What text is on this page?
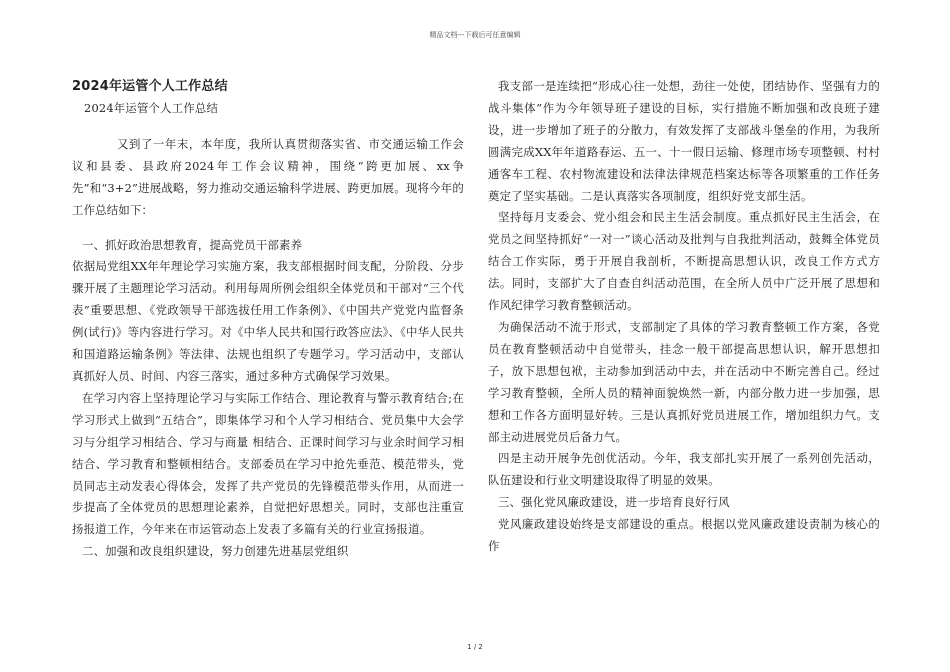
精品文档---下载后可任意编辑

2024年运管个人工作总结

2024年运管个人工作总结

又到了一年末，本年度，我所认真贯彻落实省、市交通运输工作会议和县委、县政府2024年工作会议精神，围绕“跨更加展、xx争先”和“3+2”进展战略，努力推动交通运输科学进展、跨更加展。现将今年的工作总结如下：

一、抓好政治思想教育，提高党员干部素养

依据局党组XX年年理论学习实施方案，我支部根据时间支配，分阶段、分步骤开展了主题理论学习活动。利用每周所例会组织全体党员和干部对“三个代表”重要思想、《党政领导干部选拔任用工作条例》、《中国共产党党内监督条例(试行)》等内容进行学习。对《中华人民共和国行政答应法》、《中华人民共和国道路运输条例》等法律、法规也组织了专题学习。学习活动中，支部认真抓好人员、时间、内容三落实，通过多种方式确保学习效果。

在学习内容上坚持理论学习与实际工作结合、理论教育与警示教育结合;在学习形式上做到“五结合”，即集体学习和个人学习相结合、党员集中大会学习与分组学习相结合、学习与商量 相结合、正课时间学习与业余时间学习相结合、学习教育和整顿相结合。支部委员在学习中抢先垂范、模范带头，党员同志主动发表心得体会，发挥了共产党员的先锋模范带头作用，从而进一步提高了全体党员的思想理论素养，自觉把好思想关。同时，支部也注重宣扬报道工作，今年来在市运管动态上发表了多篇有关的行业宣扬报道。

二、加强和改良组织建设，努力创建先进基层党组织

我支部一是连续把“形成心往一处想，劲往一处使，团结协作、坚强有力的战斗集体”作为今年领导班子建设的目标，实行措施不断加强和改良班子建设，进一步增加了班子的分散力，有效发挥了支部战斗堡垒的作用，为我所圆满完成XX年年道路春运、五一、十一假日运输、修理市场专项整顿、村村通客车工程、农村物流建设和法律法律规范档案达标等各项繁重的工作任务奠定了坚实基础。二是认真落实各项制度，组织好党支部生活。

坚持每月支委会、党小组会和民主生活会制度。重点抓好民主生活会，在党员之间坚持抓好“一对一”谈心活动及批判与自我批判活动，鼓舞全体党员结合工作实际，勇于开展自我剖析，不断提高思想认识，改良工作方式方法。同时，支部扩大了自查自纠活动范围，在全所人员中广泛开展了思想和作风纪律学习教育整顿活动。

为确保活动不流于形式，支部制定了具体的学习教育整顿工作方案，各党员在教育整顿活动中自觉带头，挂念一般干部提高思想认识，解开思想扣子，放下思想包袱，主动参加到活动中去，并在活动中不断完善自己。经过学习教育整顿，全所人员的精神面貌焕然一新，内部分散力进一步加强，思想和工作各方面明显好转。三是认真抓好党员进展工作，增加组织力气。支部主动进展党员后备力气。

四是主动开展争先创优活动。今年，我支部扎实开展了一系列创先活动，队伍建设和行业文明建设取得了明显的效果。

三、强化党风廉政建设，进一步培育良好行风

党风廉政建设始终是支部建设的重点。根据以党风廉政建设责制为核心的作

1 / 2
